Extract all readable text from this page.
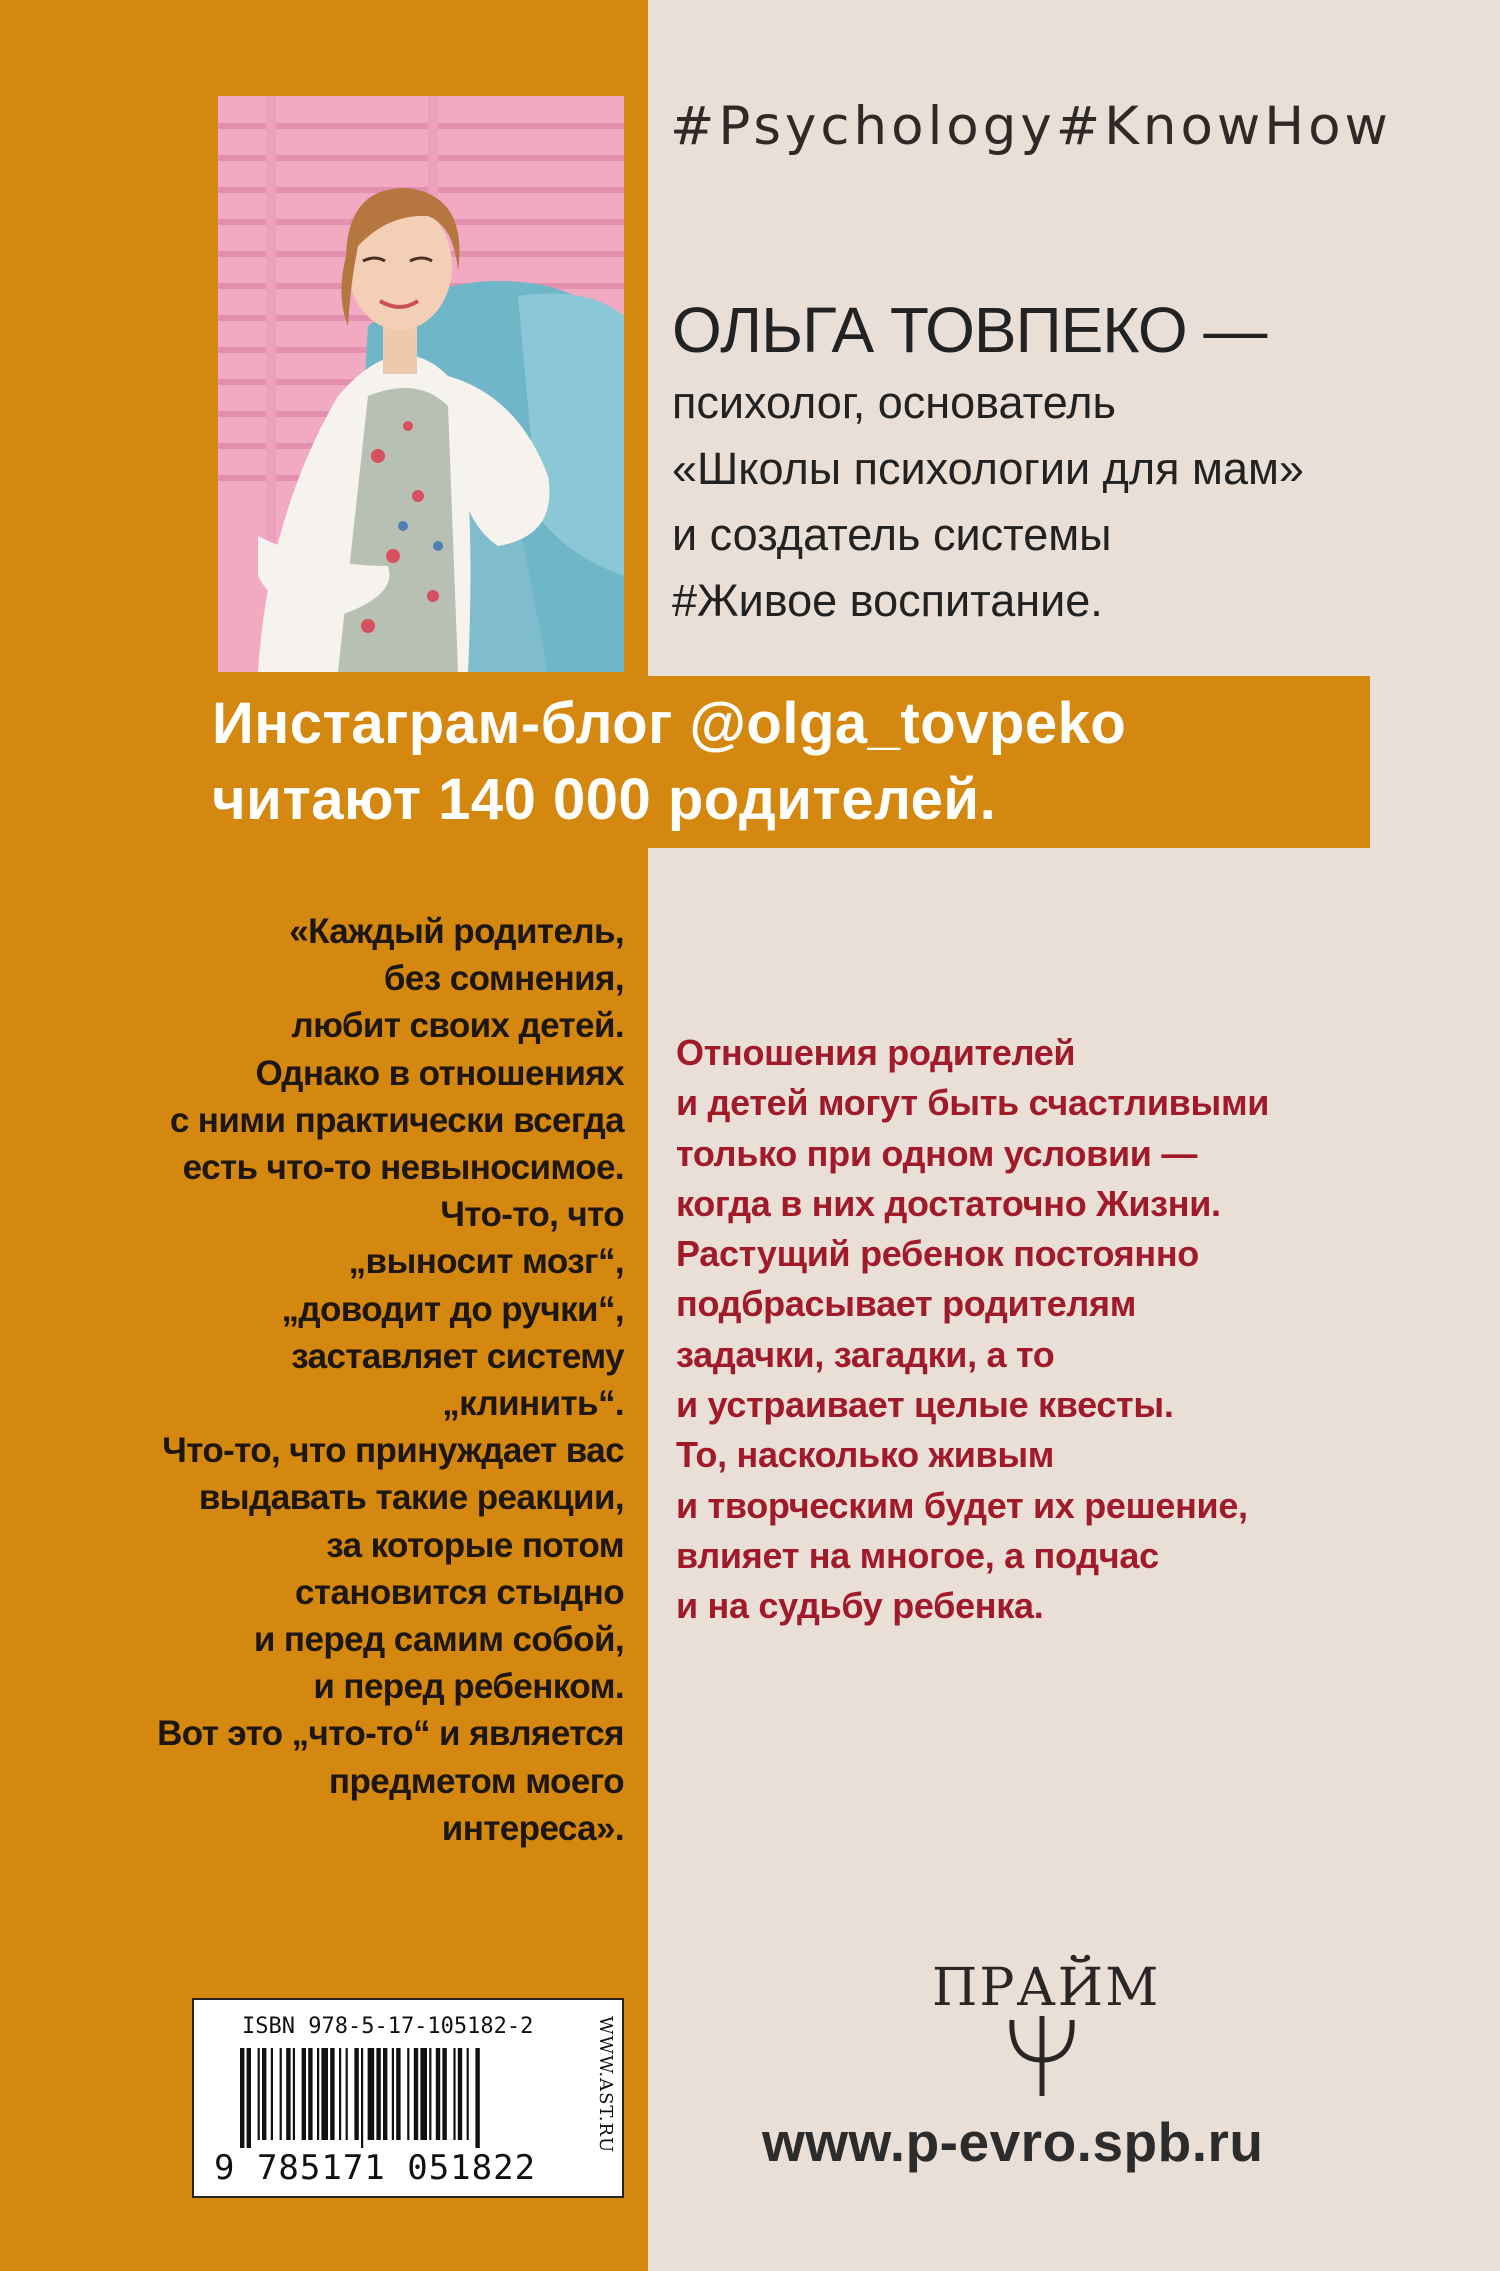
#Psychology#KnowHow
ОЛЬГА ТОВПЕКО —
психолог, основатель
«Школы психологии для мам»
и создатель системы
#Живое воспитание.
Инстаграм-блог @olga_tovpeko
читают 140 000 родителей.
«Каждый родитель,
без сомнения,
любит своих детей.
Однако в отношениях
с ними практически всегда
есть что-то невыносимое.
Что-то, что
„выносит мозг“,
„доводит до ручки“,
заставляет систему
„клинить“.
Что-то, что принуждает вас
выдавать такие реакции,
за которые потом
становится стыдно
и перед самим собой,
и перед ребенком.
Вот это „что-то“ и является
предметом моего
интереса».
Отношения родителей
и детей могут быть счастливыми
только при одном условии —
когда в них достаточно Жизни.
Растущий ребенок постоянно
подбрасывает родителям
задачки, загадки, а то
и устраивает целые квесты.
То, насколько живым
и творческим будет их решение,
влияет на многое, а подчас
и на судьбу ребенка.
ISBN 978-5-17-105182-2
9 785171 051822
WWW.AST.RU
ПРАЙМ
www.p-evro.spb.ru
